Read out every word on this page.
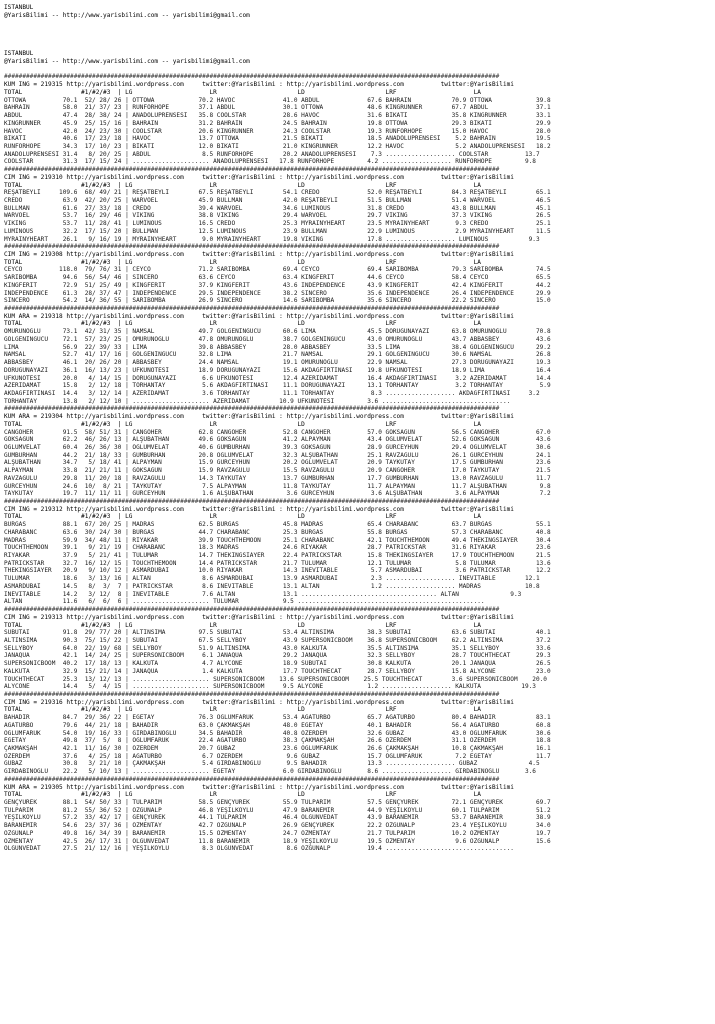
ISTANBUL
@YarisBilimi -- http://www.yarisbilimi.com -- yarisbilimi@gmail.com

ISTANBUL
@YarisBilimi -- http://www.yarisbilimi.com -- yarisbilimi@gmail.com

#######################################################################################################################################
KUM ING = 219315 http://yarisbilimi.wordpress.com     twitter:@YarisBilimi : http://yarisbilimi.wordpress.com          twitter:@YarisBilimi
TOTAL                #1/#2/#3  | LG                     LR                      LD                      LRF                     LA
OTTOWA          70.1  52/ 28/ 26 | OTTOWA            70.2 HAVOC             41.0 ABDÜL             67.6 BAHRAIN           70.9 OTTOWA            39.8
BAHRAIN         58.0  21/ 37/ 23 | RUNFORHOPE        37.1 ABDÜL             30.1 OTTOWA            48.6 KINGRUNNER        67.7 ABDÜL             37.1
ABDÜL           47.4  28/ 38/ 24 | ANADOLUPRENSESİ   35.8 COOLSTAR          28.6 HAVOC             31.6 BİKATİ            35.8 KINGRUNNER        33.1
KINGRUNNER      45.9  25/ 15/ 16 | BAHRAIN           31.2 BAHRAIN           24.5 BAHRAIN           19.8 OTTOWA            29.3 BİKATİ            29.9
HAVOC           42.0  24/ 23/ 30 | COOLSTAR          20.6 KINGRUNNER        24.3 COOLSTAR          19.3 RUNFORHOPE        15.0 HAVOC             28.0
BİKATİ          40.6  17/ 23/ 18 | HAVOC             13.7 OTTOWA            21.5 BİKATİ            18.5 ANADOLUPRENSESİ    5.2 BAHRAIN           19.5
RUNFORHOPE      34.3  17/ 10/ 23 | BİKATİ            12.0 BİKATİ            21.0 KINGRUNNER        12.2 HAVOC              5.2 ANADOLUPRENSESİ   18.2
ANADOLUPRENSESİ 31.4   8/ 20/ 25 | ABDÜL              8.5 RUNFORHOPE        20.2 ANADOLUPRENSESİ    7.3 ................... COOLSTAR          13.7
COOLSTAR        31.3  17/ 15/ 24 | ..................... ANADOLUPRENSESİ   17.8 RUNFORHOPE         4.2 ................... RUNFORHOPE         9.8
#######################################################################################################################################
CIM ING = 219310 http://yarisbilimi.wordpress.com     twitter:@YarisBilimi : http://yarisbilimi.wordpress.com          twitter:@YarisBilimi
TOTAL                #1/#2/#3  | LG                     LR                      LD                      LRF                     LA
REŞATBEYLİ     109.6  68/ 49/ 21 | REŞATBEYLİ        67.5 REŞATBEYLİ        54.1 CREDO             52.0 REŞATBEYLİ        84.3 REŞATBEYLİ        65.1
CREDO           63.9  42/ 20/ 25 | WARVOEL           45.9 BULLMAN           42.0 REŞATBEYLİ        51.5 BULLMAN           51.4 WARVOEL           46.5
BULLMAN         61.6  27/ 33/ 18 | CREDO             39.4 WARVOEL           34.6 LUMINOUS          31.8 CREDO             43.8 BULLMAN           45.1
WARVOEL         53.7  16/ 29/ 46 | VIKING            38.8 VIKING            29.4 WARVOEL           29.7 VIKING            37.3 VIKING            26.5
VIKING          53.7  11/ 28/ 41 | LUMINOUS          16.5 CREDO             25.3 MYRAINYHEART      23.5 MYRAINYHEART       9.3 CREDO             25.1
LUMINOUS        32.2  17/ 15/ 20 | BULLMAN           12.5 LUMINOUS          23.9 BULLMAN           22.9 LUMINOUS           2.9 MYRAINYHEART      11.5
MYRAINYHEART    26.1   9/ 16/ 19 | MYRAINYHEART       9.0 MYRAINYHEART      19.8 VIKING            17.8 ................... LUMINOUS           9.3
#######################################################################################################################################
CIM ING = 219308 http://yarisbilimi.wordpress.com     twitter:@YarisBilimi : http://yarisbilimi.wordpress.com          twitter:@YarisBilimi
TOTAL                #1/#2/#3  | LG                     LR                      LD                      LRF                     LA
CEYCO          118.0  79/ 76/ 31 | CEYCO             71.2 SARIBOMBA         69.4 CEYCO             69.4 SARIBOMBA         79.3 SARIBOMBA         74.5
SARIBOMBA       94.6  56/ 54/ 46 | SINCERO           63.6 CEYCO             63.4 KINGFERİT         44.6 CEYCO             58.4 CEYCO             65.5
KINGFERİT       72.9  51/ 25/ 49 | KINGFERİT         37.9 KINGFERİT         43.6 INDEPENDENCE      43.9 KINGFERİT         42.4 KINGFERİT         44.2
INDEPENDENCE    61.3  28/ 37/ 47 | INDEPENDENCE      29.5 INDEPENDENCE      38.2 SINCERO           35.6 INDEPENDENCE      26.4 INDEPENDENCE      29.9
SINCERO         54.2  14/ 36/ 55 | SARIBOMBA         26.9 SINCERO           14.6 SARIBOMBA         35.6 SINCERO           22.2 SINCERO           15.0
#######################################################################################################################################
KUM ARA = 219318 http://yarisbilimi.wordpress.com     twitter:@YarisBilimi : http://yarisbilimi.wordpress.com          twitter:@YarisBilimi
TOTAL                #1/#2/#3  | LG                     LR                      LD                      LRF                     LA
ÖMÜRÜNOĞLU      73.1  42/ 31/ 35 | NAMSAL            49.7 GÖLGENİNGÜCÜ      60.6 LIMA              45.5 DORUĞUNAYAZI      63.8 ÖMÜRÜNOĞLU        70.8
GÖLGENİNGÜCÜ    72.1  57/ 23/ 25 | ÖMÜRÜNOĞLU        47.8 ÖMÜRÜNOĞLU        38.7 GÖLGENİNGÜCÜ      43.0 ÖMÜRÜNOĞLU        43.7 ABBASBEY          43.6
LIMA            56.9  22/ 39/ 33 | LIMA              39.8 ABBASBEY          28.0 ABBASBEY          33.5 LIMA              38.4 GÖLGENİNGÜCÜ      29.2
NAMSAL          52.7  41/ 17/ 16 | GÖLGENİNGÜCÜ      32.8 LIMA              21.7 NAMSAL            29.1 GÖLGENİNGÜCÜ      30.6 NAMSAL            26.8
ABBASBEY        46.1  20/ 26/ 20 | ABBASBEY          24.4 NAMSAL            19.1 ÖMÜRÜNOĞLU        22.9 NAMSAL            27.3 DORUĞUNAYAZI      19.3
DORUĞUNAYAZI    36.1  16/ 13/ 23 | UFKUNÖTESİ        18.9 DORUĞUNAYAZI      15.6 AKDAĞFIRTINASI    19.8 UFKUNÖTESİ        18.9 LIMA              16.4
UFKUNÖTESİ      20.0   4/ 14/ 15 | DORUĞUNAYAZI       6.6 UFKUNÖTESİ        12.4 AZERİDAMAT        16.4 AKDAĞFIRTINASI     3.2 AZERİDAMAT        14.4
AZERİDAMAT      15.8   2/ 12/ 18 | TORHANTAY          5.6 AKDAĞFIRTINASI    11.1 DORUĞUNAYAZI      13.1 TORHANTAY          3.2 TORHANTAY          5.9
AKDAĞFIRTINASI  14.4   3/ 12/ 14 | AZERİDAMAT         3.6 TORHANTAY         11.1 TORHANTAY          8.3 ................... AKDAĞFIRTINASI     3.2
TORHANTAY       13.8   2/ 12/ 10 | ..................... AZERİDAMAT        10.9 UFKUNÖTESİ         3.6 ...................................
#######################################################################################################################################
KUM ARA = 219304 http://yarisbilimi.wordpress.com     twitter:@YarisBilimi : http://yarisbilimi.wordpress.com          twitter:@YarisBilimi
TOTAL                #1/#2/#3  | LG                     LR                      LD                      LRF                     LA
CANGÖHER        91.5  58/ 51/ 31 | CANGÖHER          62.8 CANGÖHER          52.8 CANGÖHER          57.0 GÖKSAGUN          56.5 CANGÖHER          67.0
GÖKSAGUN        62.2  46/ 26/ 13 | ALŞUBATHAN        49.6 GÖKSAGUN          41.2 ALPAYMAN          43.4 OĞLUMVELAT        52.6 GÖKSAGUN          43.6
OĞLUMVELAT      60.4  26/ 36/ 30 | OĞLUMVELAT        40.6 GÜMBÜRHAN         39.3 GÖKSAGUN          28.9 GÜRCEYHUN         29.4 OĞLUMVELAT        30.6
GÜMBÜRHAN       44.2  21/ 18/ 33 | GÜMBÜRHAN         20.8 OĞLUMVELAT        32.3 ALŞUBATHAN        25.1 RAVZAGÜLÜ         26.1 GÜRCEYHUN         24.1
ALŞUBATHAN      34.7   5/ 18/ 41 | ALPAYMAN          15.9 GÜRCEYHUN         20.2 OĞLUMVELAT        20.9 TAYKUTAY          17.5 GÜMBÜRHAN         23.6
ALPAYMAN        33.8  21/ 21/ 11 | GÖKSAGUN          15.9 RAVZAGÜLÜ         15.5 RAVZAGÜLÜ         20.9 CANGÖHER          17.0 TAYKUTAY          21.5
RAVZAGÜLÜ       29.8  11/ 20/ 18 | RAVZAGÜLÜ         14.3 TAYKUTAY          13.7 GÜMBÜRHAN         17.7 GÜMBÜRHAN         13.0 RAVZAGÜLÜ         11.7
GÜRCEYHUN       24.6  10/  8/ 21 | TAYKUTAY           7.5 ALPAYMAN          11.8 TAYKUTAY          11.7 ALPAYMAN          11.7 ALŞUBATHAN         9.8
TAYKUTAY        19.7  11/ 11/ 11 | GÜRCEYHUN          1.6 ALŞUBATHAN         3.6 GÜRCEYHUN          3.6 ALŞUBATHAN         3.6 ALPAYMAN           7.2
#######################################################################################################################################
CIM ING = 219312 http://yarisbilimi.wordpress.com     twitter:@YarisBilimi : http://yarisbilimi.wordpress.com          twitter:@YarisBilimi
TOTAL                #1/#2/#3  | LG                     LR                      LD                      LRF                     LA
BURGAS          88.1  67/ 20/ 25 | MADRAS            62.5 BURGAS            45.8 MADRAS            65.4 CHARABANC         63.7 BURGAS            55.1
CHARABANC       63.6  30/ 24/ 30 | BURGAS            44.7 CHARABANC         25.3 BURGAS            55.8 BURGAS            57.3 CHARABANC         40.8
MADRAS          59.9  34/ 48/ 11 | RİYAKAR           39.9 TOUCHTHEMOON      25.1 CHARABANC         42.1 TOUCHTHEMOON      49.4 THEKINGSIAYER     30.4
TOUCHTHEMOON    39.1   9/ 21/ 19 | CHARABANC         18.3 MADRAS            24.6 RİYAKAR           28.7 PATRICKSTAR       31.6 RİYAKAR           23.6
RİYAKAR         37.9   5/ 21/ 41 | TULUMAR           14.7 THEKINGSIAYER     22.4 PATRICKSTAR       15.8 THEKINGSIAYER     17.9 TOUCHTHEMOON      21.5
PATRICKSTAR     32.7  16/ 12/ 15 | TOUCHTHEMOON      14.4 PATRICKSTAR       21.7 TULUMAR           12.1 TULUMAR            5.8 TULUMAR           13.6
THEKINGSIAYER   20.9   9/ 10/ 12 | ASMARDUBAI        10.0 RİYAKAR           14.3 INEVITABLE         5.7 ASMARDUBAI         3.6 PATRICKSTAR       12.2
TULUMAR         18.6   3/ 13/ 16 | ALTAN              8.6 ASMARDUBAI        13.9 ASMARDUBAI         2.3 ................... INEVITABLE        12.1
ASMARDUBAI      14.5   8/  3/  7 | PATRICKSTAR        8.6 INEVITABLE        13.1 ALTAN              1.2 ................... MADRAS            10.8
INEVITABLE      14.2   3/ 12/  8 | INEVITABLE         7.6 ALTAN             13.1 ..................................... ALTAN              9.3
ALTAN           11.6   6/  6/  6 | ..................... TULUMAR            9.5 ...................................................
#######################################################################################################################################
CIM ING = 219313 http://yarisbilimi.wordpress.com     twitter:@YarisBilimi : http://yarisbilimi.wordpress.com          twitter:@YarisBilimi
TOTAL                #1/#2/#3  | LG                     LR                      LD                      LRF                     LA
SUBUTAI         91.8  29/ 77/ 20 | ALTINSIMA         97.5 SUBUTAI           53.4 ALTINSIMA         38.3 SUBUTAI           63.6 SUBUTAI           40.1
ALTINSIMA       90.3  75/ 15/ 22 | SUBUTAI           67.5 SELLYBOY          43.9 SUPERSONICBOOM    36.8 SUPERSONICBOOM    62.2 ALTINSIMA         37.2
SELLYBOY        64.0  22/ 19/ 68 | SELLYBOY          51.9 ALTINSIMA         43.0 KALKÜTA           35.5 ALTINSIMA         35.1 SELLYBOY          33.6
JANAQUA         42.1  14/ 24/ 25 | SUPERSONICBOOM     6.1 JANAQUA           29.2 JANAQUA           32.3 SELLYBOY          28.7 TOUCHTHECAT       29.3
SUPERSONICBOOM  40.2  17/ 18/ 13 | KALKÜTA            4.7 ALYCONE           18.9 SUBUTAI           30.8 KALKÜTA           20.1 JANAQUA           26.5
KALKÜTA         32.9  15/ 21/ 14 | JANAQUA            1.4 KALKÜTA           17.7 TOUCHTHECAT       28.7 SELLYBOY          15.8 ALYCONE           23.0
TOUCHTHECAT     25.3  13/ 12/ 13 | ..................... SUPERSONICBOOM    13.6 SUPERSONICBOOM    25.5 TOUCHTHECAT        3.6 SUPERSONICBOOM    20.0
ALYCONE         14.4   5/  4/ 15 | ..................... SUPERSONICBOOM     9.5 ALYCONE            1.2 ................... KALKÜTA           19.3
#######################################################################################################################################
CIM ING = 219316 http://yarisbilimi.wordpress.com     twitter:@YarisBilimi : http://yarisbilimi.wordpress.com          twitter:@YarisBilimi
TOTAL                #1/#2/#3  | LG                     LR                      LD                      LRF                     LA
BAHADIR         84.7  29/ 36/ 22 | EGETAY            76.3 OĞLUMFARUK        53.4 AĞATURBO          65.7 AĞATURBO          80.4 BAHADIR           83.1
AĞATURBO        79.6  44/ 21/ 18 | BAHADIR           63.0 ÇAKMAKŞAH         48.0 EGETAY            40.1 BAHADIR           56.4 AĞATURBO          60.8
OĞLUMFARUK      54.0  19/ 16/ 33 | GIRDABINOĞLU      34.5 BAHADIR           40.8 ÖZERDEM           32.6 GUBAZ             43.0 OĞLUMFARUK        30.6
EGETAY          49.8  37/  5/  8 | OĞLUMFARUK        22.4 AĞATURBO          38.3 ÇAKMAKŞAH         26.6 ÖZERDEM           31.1 ÖZERDEM           18.8
ÇAKMAKŞAH       42.1  11/ 16/ 30 | ÖZERDEM           20.7 GUBAZ             23.6 OĞLUMFARUK        26.6 ÇAKMAKŞAH         10.8 ÇAKMAKŞAH         16.1
ÖZERDEM         37.6   4/ 25/ 18 | AĞATURBO           6.7 ÖZERDEM            9.6 GUBAZ             15.7 OĞLUMFARUK         7.2 EGETAY            11.7
GUBAZ           30.8   3/ 21/ 10 | ÇAKMAKŞAH          5.4 GIRDABINOĞLU       9.5 BAHADIR           13.3 ................... GUBAZ              4.5
GIRDABINOĞLU    22.2   5/ 10/ 13 | ..................... EGETAY             6.0 GIRDABINOĞLU       8.6 ................... GIRDABINOĞLU       3.6
#######################################################################################################################################
KUM ARA = 219305 http://yarisbilimi.wordpress.com     twitter:@YarisBilimi : http://yarisbilimi.wordpress.com          twitter:@YarisBilimi
TOTAL                #1/#2/#3  | LG                     LR                      LD                      LRF                     LA
GENÇYÜREK       88.1  54/ 50/ 33 | TULPARIM          58.5 GENÇYÜREK         55.9 TULPARIM          57.5 GENÇYÜREK         72.1 GENÇYÜREK         69.7
TULPARIM        81.2  55/ 36/ 52 | ÖZGÜNALP          46.8 YEŞİLKÖYLÜ        47.9 BARANEMİR         44.9 YEŞİLKÖYLÜ        60.1 TULPARIM          51.2
YEŞİLKÖYLÜ      57.2  33/ 42/ 17 | GENÇYÜREK         44.1 TULPARIM          46.4 OLGUNVEDAT        43.9 BARANEMİR         53.7 BARANEMİR         38.9
BARANEMİR       54.6  23/ 37/ 36 | ÖZMENTAY          42.7 ÖZGÜNALP          26.9 GENÇYÜREK         22.2 ÖZGÜNALP          23.4 YEŞİLKÖYLÜ        34.0
ÖZGÜNALP        49.8  16/ 34/ 39 | BARANEMİR         15.5 ÖZMENTAY          24.7 ÖZMENTAY          21.7 TULPARIM          10.2 ÖZMENTAY          19.7
ÖZMENTAY        42.5  26/ 17/ 31 | OLGUNVEDAT        11.8 BARANEMİR         18.9 YEŞİLKÖYLÜ        19.5 ÖZMENTAY           9.6 ÖZGÜNALP          15.6
OLGUNVEDAT      27.5  21/ 12/ 16 | YEŞİLKÖYLÜ         8.3 OLGUNVEDAT         8.6 ÖZGÜNALP          19.4 ...................................
